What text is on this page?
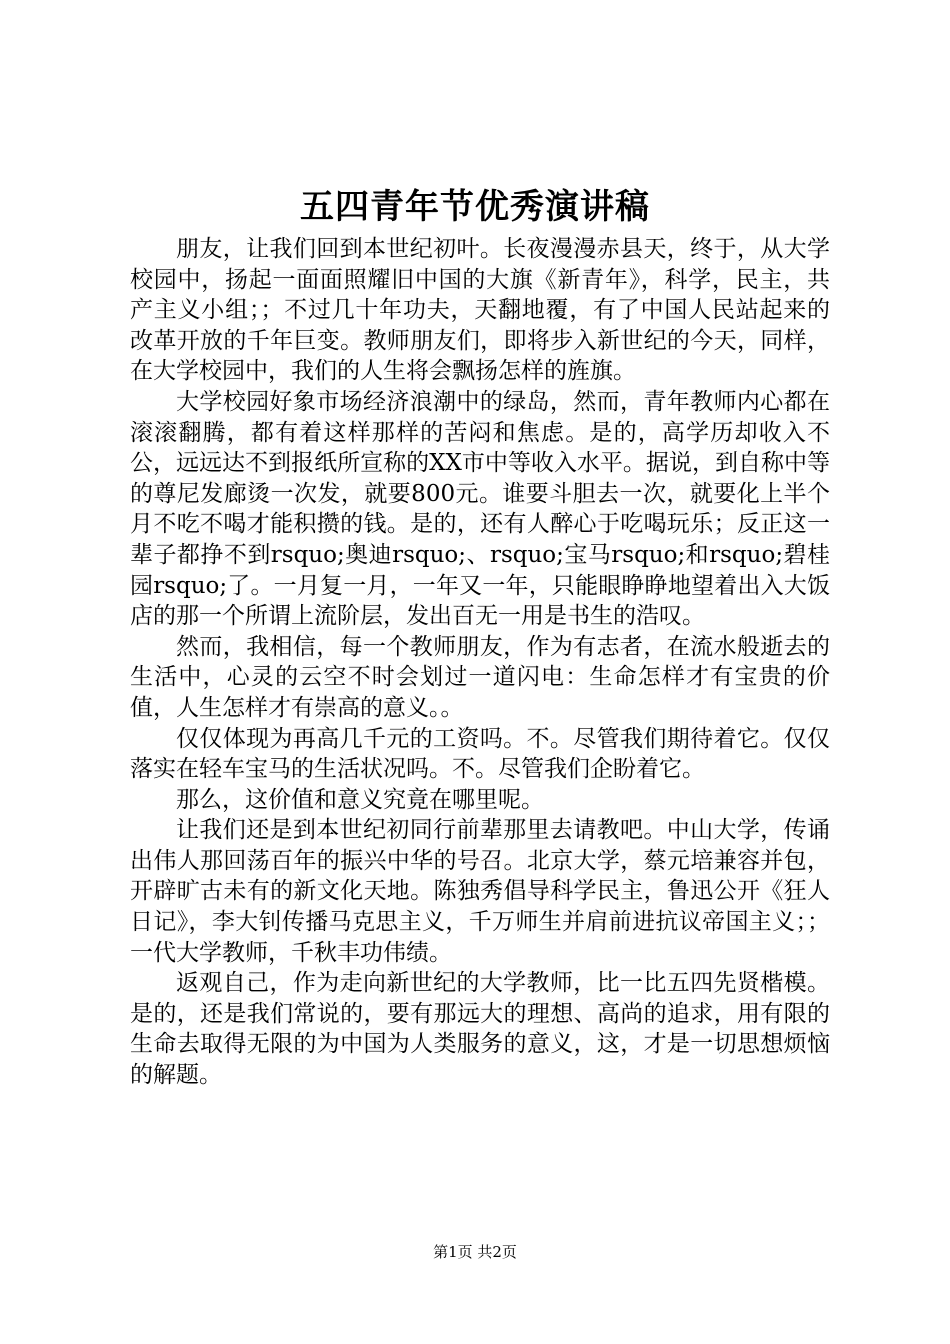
五四青年节优秀演讲稿

朋友，让我们回到本世纪初叶。长夜漫漫赤县天，终于，从大学校园中，扬起一面面照耀旧中国的大旗《新青年》，科学，民主，共产主义小组；；不过几十年功夫，天翻地覆，有了中国人民站起来的改革开放的千年巨变。教师朋友们，即将步入新世纪的今天，同样，在大学校园中，我们的人生将会飘扬怎样的旌旗。

大学校园好象市场经济浪潮中的绿岛，然而，青年教师内心都在滚滚翻腾，都有着这样那样的苦闷和焦虑。是的，高学历却收入不公，远远达不到报纸所宣称的XX市中等收入水平。据说，到自称中等的尊尼发廊烫一次发，就要800元。谁要斗胆去一次，就要化上半个月不吃不喝才能积攒的钱。是的，还有人醉心于吃喝玩乐；反正这一辈子都挣不到rsquo;奥迪rsquo;、rsquo;宝马rsquo;和rsquo;碧桂园rsquo;了。一月复一月，一年又一年，只能眼睁睁地望着出入大饭店的那一个所谓上流阶层，发出百无一用是书生的浩叹。

然而，我相信，每一个教师朋友，作为有志者，在流水般逝去的生活中，心灵的云空不时会划过一道闪电：生命怎样才有宝贵的价值，人生怎样才有崇高的意义。。

仅仅体现为再高几千元的工资吗。不。尽管我们期待着它。仅仅落实在轻车宝马的生活状况吗。不。尽管我们企盼着它。

那么，这价值和意义究竟在哪里呢。

让我们还是到本世纪初同行前辈那里去请教吧。中山大学，传诵出伟人那回荡百年的振兴中华的号召。北京大学，蔡元培兼容并包，开辟旷古未有的新文化天地。陈独秀倡导科学民主，鲁迅公开《狂人日记》，李大钊传播马克思主义，千万师生并肩前进抗议帝国主义；；一代大学教师，千秋丰功伟绩。

返观自己，作为走向新世纪的大学教师，比一比五四先贤楷模。是的，还是我们常说的，要有那远大的理想、高尚的追求，用有限的生命去取得无限的为中国为人类服务的意义，这，才是一切思想烦恼的解题。

第1页 共2页
